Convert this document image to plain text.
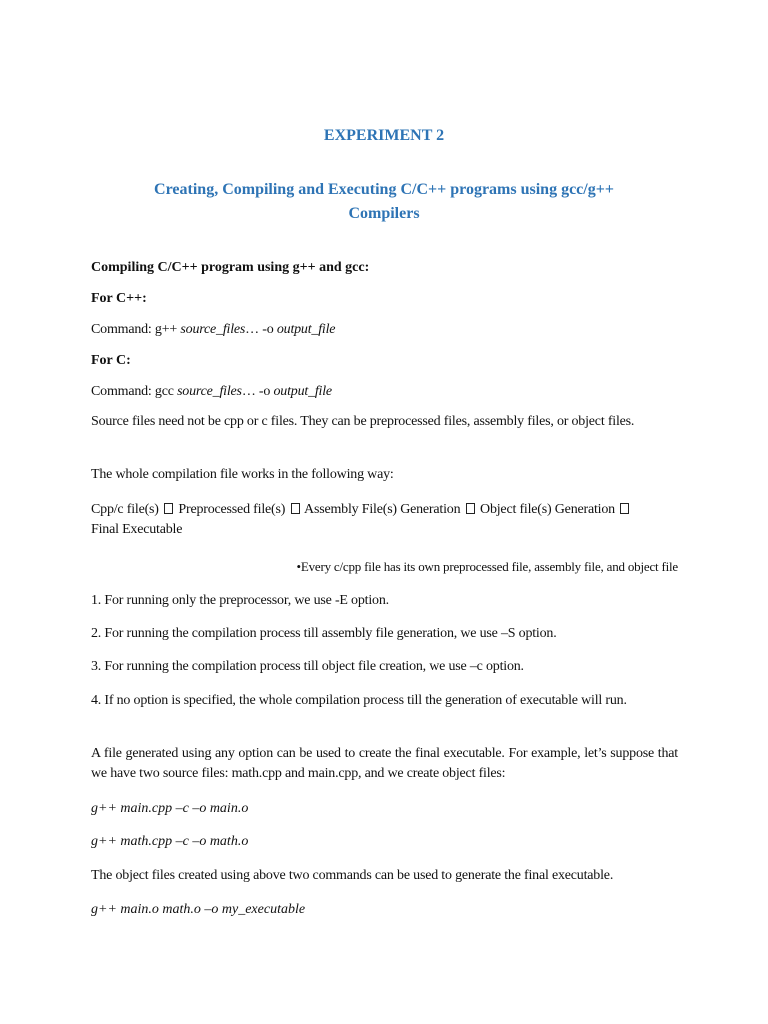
EXPERIMENT 2
Creating, Compiling and Executing C/C++ programs using gcc/g++
Compilers
Compiling C/C++ program using g++ and gcc:
For C++:
Command: g++ source_files… -o output_file
For C:
Command: gcc source_files… -o output_file
Source files need not be cpp or c files. They can be preprocessed files, assembly files, or object files.
The whole compilation file works in the following way:
Cpp/c file(s) Preprocessed file(s) Assembly File(s) Generation Object file(s) Generation
Final Executable
•Every c/cpp file has its own preprocessed file, assembly file, and object file
1. For running only the preprocessor, we use -E option.
2. For running the compilation process till assembly file generation, we use –S option.
3. For running the compilation process till object file creation, we use –c option.
4. If no option is specified, the whole compilation process till the generation of executable will run.
A file generated using any option can be used to create the final executable. For example, let’s suppose that we have two source files: math.cpp and main.cpp, and we create object files:
g++ main.cpp –c –o main.o
g++ math.cpp –c –o math.o
The object files created using above two commands can be used to generate the final executable.
g++ main.o math.o –o my_executable
